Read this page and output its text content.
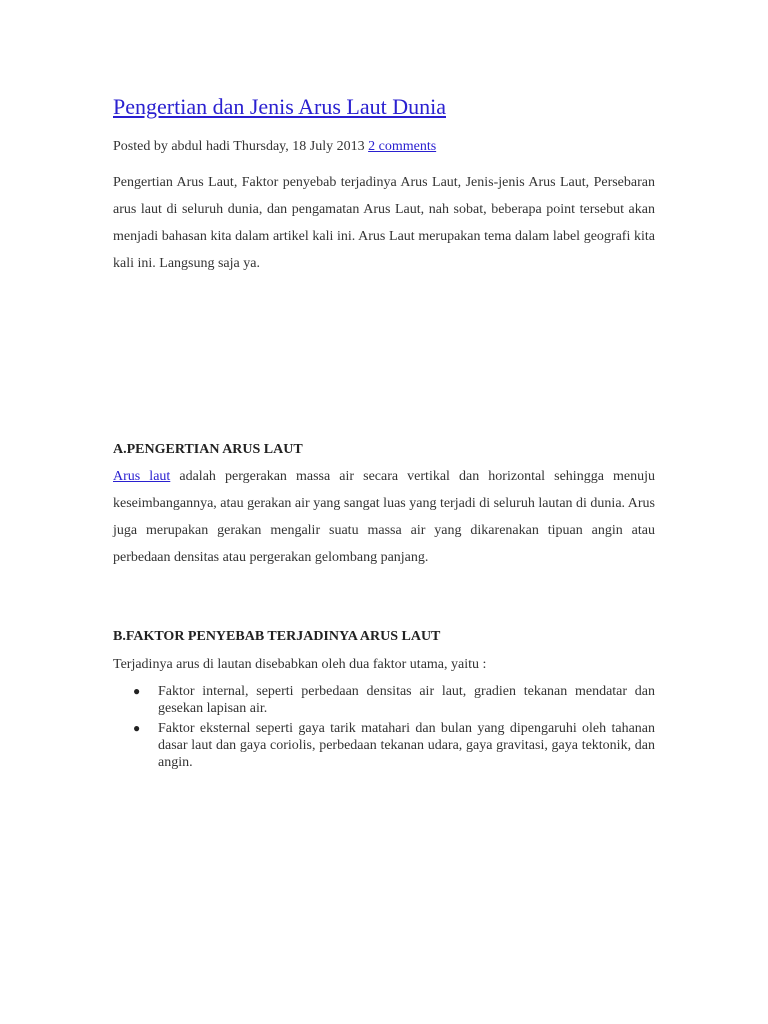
Pengertian dan Jenis Arus Laut Dunia
Posted by abdul hadi Thursday, 18 July 2013 2 comments

Pengertian Arus Laut, Faktor penyebab terjadinya Arus Laut, Jenis-jenis Arus Laut, Persebaran arus laut di seluruh dunia, dan pengamatan Arus Laut, nah sobat, beberapa point tersebut akan menjadi bahasan kita dalam artikel kali ini. Arus Laut merupakan tema dalam label geografi kita kali ini. Langsung saja ya.

A.PENGERTIAN ARUS LAUT

Arus laut adalah pergerakan massa air secara vertikal dan horizontal sehingga menuju keseimbangannya, atau gerakan air yang sangat luas yang terjadi di seluruh lautan di dunia. Arus juga merupakan gerakan mengalir suatu massa air yang dikarenakan tipuan angin atau perbedaan densitas atau pergerakan gelombang panjang.

B.FAKTOR PENYEBAB TERJADINYA ARUS LAUT
Terjadinya arus di lautan disebabkan oleh dua faktor utama, yaitu :
● Faktor internal, seperti perbedaan densitas air laut, gradien tekanan mendatar dan gesekan lapisan air.
● Faktor eksternal seperti gaya tarik matahari dan bulan yang dipengaruhi oleh tahanan dasar laut dan gaya coriolis, perbedaan tekanan udara, gaya gravitasi, gaya tektonik, dan angin.
